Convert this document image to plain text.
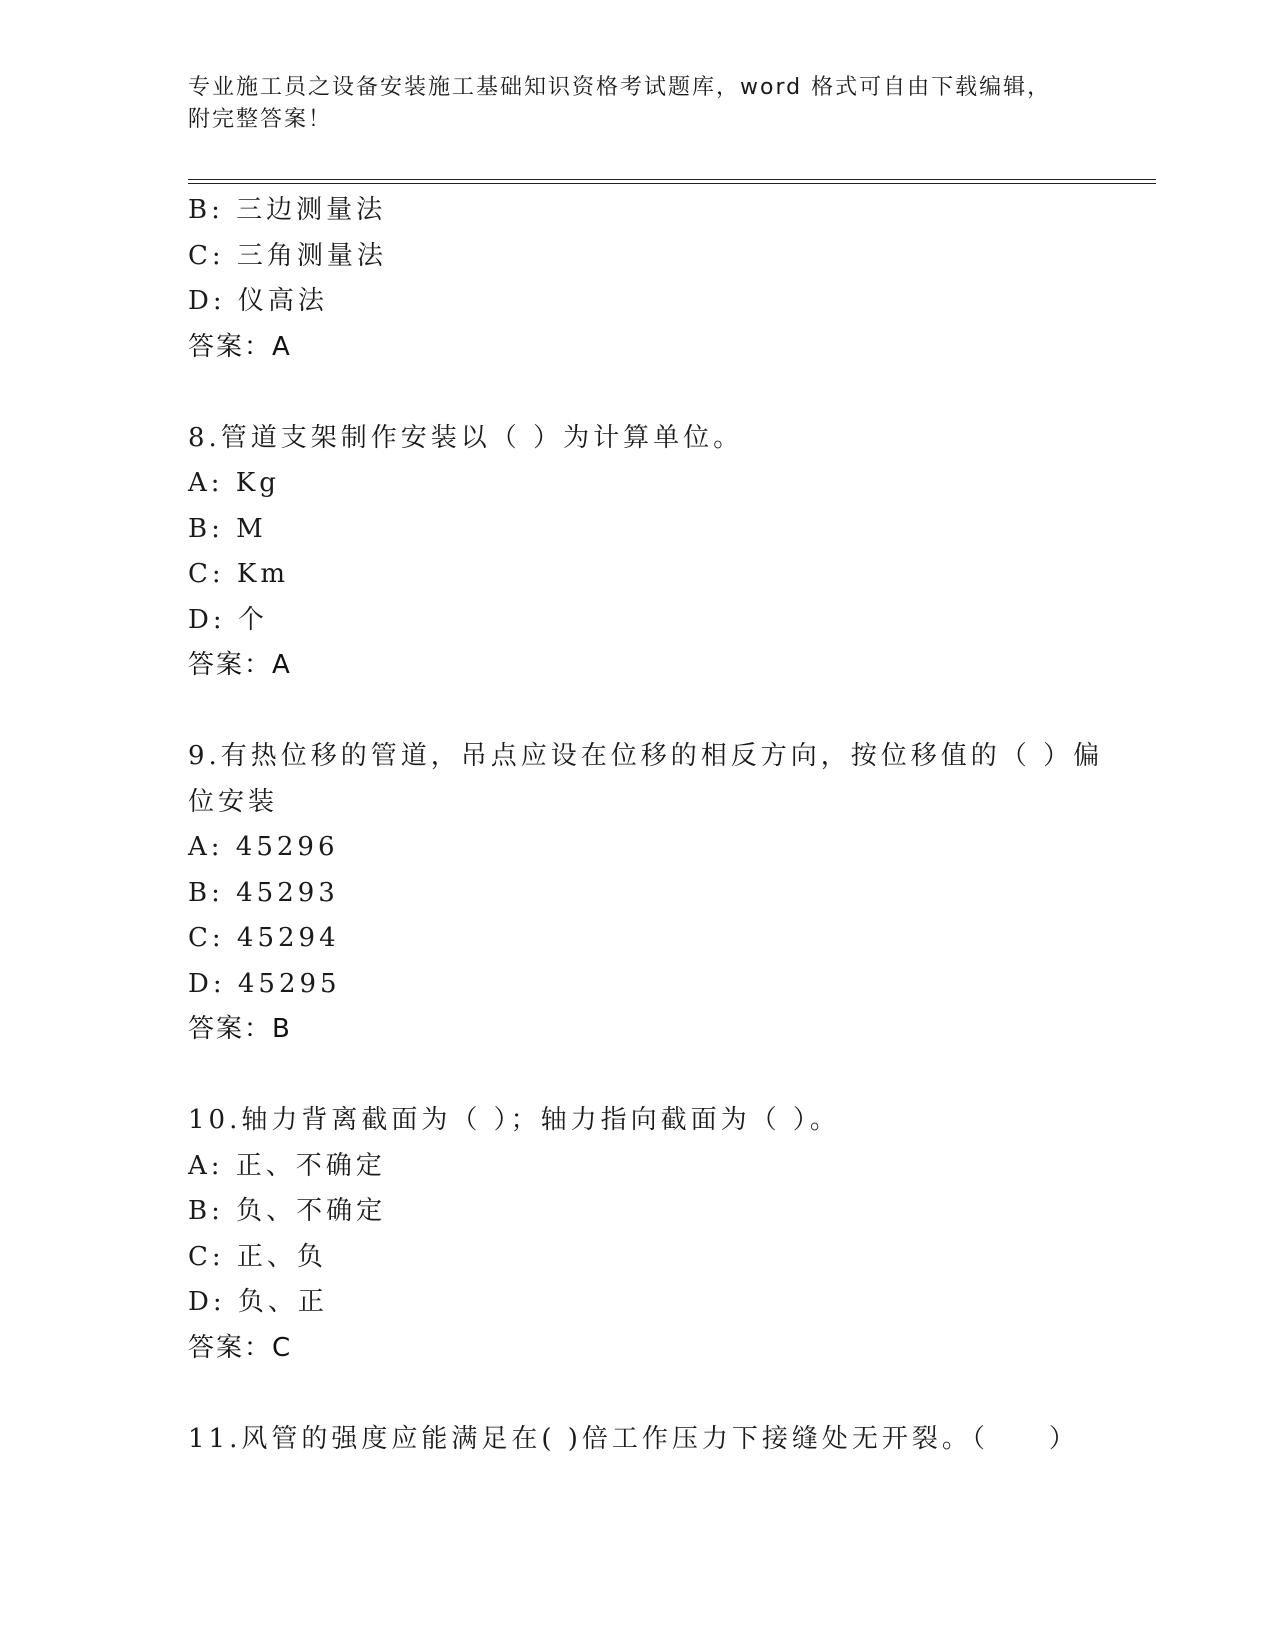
专业施工员之设备安装施工基础知识资格考试题库，word 格式可自由下载编辑，
附完整答案！
B: 三边测量法
C: 三角测量法
D: 仪高法
答案：A
8.管道支架制作安装以（ ）为计算单位。
A: Kg
B: M
C: Km
D: 个
答案：A
9.有热位移的管道，吊点应设在位移的相反方向，按位移值的（ ）偏
位安装
A: 45296
B: 45293
C: 45294
D: 45295
答案：B
10.轴力背离截面为（ ）；轴力指向截面为（ ）。
A: 正、不确定
B: 负、不确定
C: 正、负
D: 负、正
答案：C
11.风管的强度应能满足在( )倍工作压力下接缝处无开裂。（　　）
